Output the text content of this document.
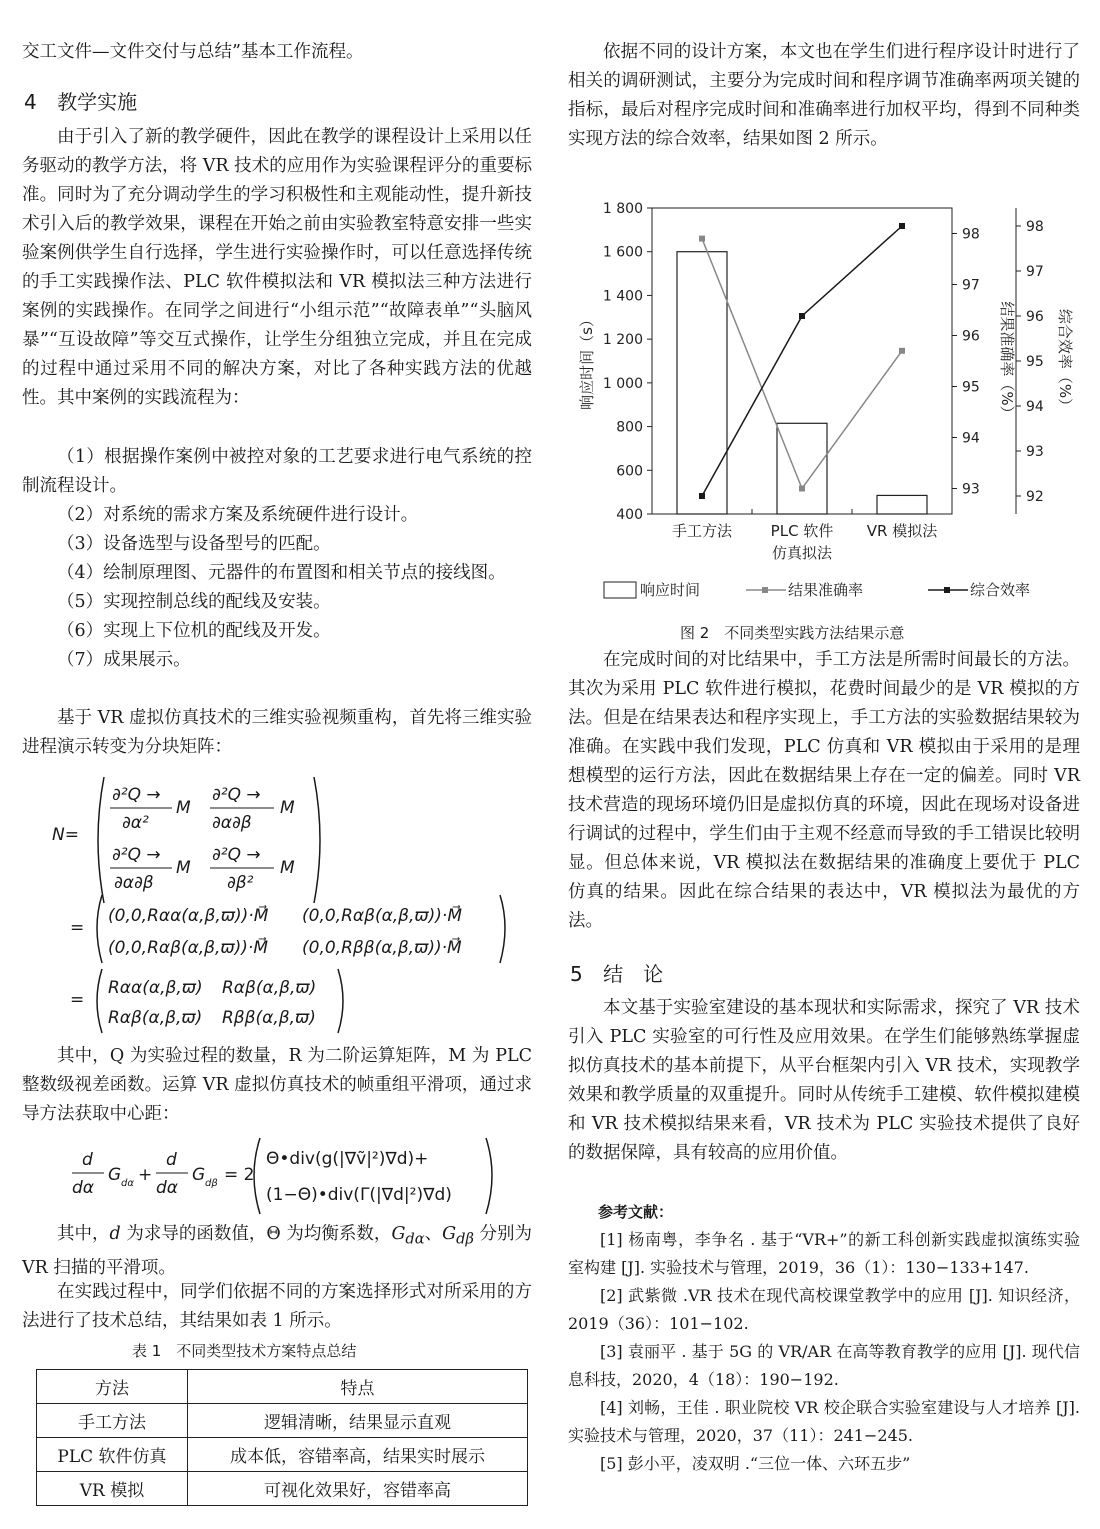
交工文件—文件交付与总结”基本工作流程。

4 教学实施

由于引入了新的教学硬件，因此在教学的课程设计上采用以任务驱动的教学方法，将 VR 技术的应用作为实验课程评分的重要标准。同时为了充分调动学生的学习积极性和主观能动性，提升新技术引入后的教学效果，课程在开始之前由实验教室特意安排一些实验案例供学生自行选择，学生进行实验操作时，可以任意选择传统的手工实践操作法、PLC 软件模拟法和 VR 模拟法三种方法进行案例的实践操作。在同学之间进行“小组示范”“故障表单”“头脑风暴”“互设故障”等交互式操作，让学生分组独立完成，并且在完成的过程中通过采用不同的解决方案，对比了各种实践方法的优越性。其中案例的实践流程为：

（1）根据操作案例中被控对象的工艺要求进行电气系统的控制流程设计。

（2）对系统的需求方案及系统硬件进行设计。

（3）设备选型与设备型号的匹配。

（4）绘制原理图、元器件的布置图和相关节点的接线图。

（5）实现控制总线的配线及安装。

（6）实现上下位机的配线及开发。

（7）成果展示。

基于 VR 虚拟仿真技术的三维实验视频重构，首先将三维实验进程演示转变为分块矩阵：

N=
∂²Q →
∂α²
M
∂²Q →
∂α∂β
M
∂²Q →
∂α∂β
M
∂²Q →
∂β²
M
=
(0,0,Rαα(α,β,ϖ))·M⃗ (0,0,Rαβ(α,β,ϖ))·M⃗
(0,0,Rαβ(α,β,ϖ))·M⃗ (0,0,Rββ(α,β,ϖ))·M⃗
=
Rαα(α,β,ϖ) Rαβ(α,β,ϖ)
Rαβ(α,β,ϖ) Rββ(α,β,ϖ)

其中，Q 为实验过程的数量，R 为二阶运算矩阵，M 为 PLC 整数级视差函数。运算 VR 虚拟仿真技术的帧重组平滑项，通过求导方法获取中心距：

d
dα
G dα +
d
dα
G dβ = 2
Θ•div(g(|∇ṽ|²)∇d)+
(1−Θ)•div(Γ(|∇d|²)∇d)

其中，d 为求导的函数值，Θ 为均衡系数，$G_{d\alpha}$、$G_{d\beta}$ 分别为 VR 扫描的平滑项。

在实践过程中，同学们依据不同的方案选择形式对所采用的方法进行了技术总结，其结果如表 1 所示。

表 1　不同类型技术方案特点总结
方法	特点
手工方法	逻辑清晰，结果显示直观
PLC 软件仿真	成本低，容错率高，结果实时展示
VR 模拟	可视化效果好，容错率高

依据不同的设计方案，本文也在学生们进行程序设计时进行了相关的调研测试，主要分为完成时间和程序调节准确率两项关键的指标，最后对程序完成时间和准确率进行加权平均，得到不同种类实现方法的综合效率，结果如图 2 所示。

400
600
800
1 000
1 200
1 400
1 600
1 800
93
94
95
96
97
98
92
93
94
95
96
97
98
手工方法	PLC 软件
仿真拟法
VR 模拟法
响应时间（s）	结果准确率（%）	综合效率（%）
响应时间	结果准确率	综合效率
图 2　不同类型实践方法结果示意

在完成时间的对比结果中，手工方法是所需时间最长的方法。其次为采用 PLC 软件进行模拟，花费时间最少的是 VR 模拟的方法。但是在结果表达和程序实现上，手工方法的实验数据结果较为准确。在实践中我们发现，PLC 仿真和 VR 模拟由于采用的是理想模型的运行方法，因此在数据结果上存在一定的偏差。同时 VR 技术营造的现场环境仍旧是虚拟仿真的环境，因此在现场对设备进行调试的过程中，学生们由于主观不经意而导致的手工错误比较明显。但总体来说，VR 模拟法在数据结果的准确度上要优于 PLC 仿真的结果。因此在综合结果的表达中，VR 模拟法为最优的方法。

5 结　论

本文基于实验室建设的基本现状和实际需求，探究了 VR 技术引入 PLC 实验室的可行性及应用效果。在学生们能够熟练掌握虚拟仿真技术的基本前提下，从平台框架内引入 VR 技术，实现教学效果和教学质量的双重提升。同时从传统手工建模、软件模拟建模和 VR 技术模拟结果来看，VR 技术为 PLC 实验技术提供了良好的数据保障，具有较高的应用价值。

参考文献：

[1] 杨南粤，李争名 . 基于“VR+”的新工科创新实践虚拟演练实验室构建 [J]. 实验技术与管理，2019，36（1）：130−133+147.

[2] 武紫微 .VR 技术在现代高校课堂教学中的应用 [J]. 知识经济，2019（36）：101−102.

[3] 袁丽平 . 基于 5G 的 VR/AR 在高等教育教学的应用 [J]. 现代信息科技，2020，4（18）：190−192.

[4] 刘畅，王佳 . 职业院校 VR 校企联合实验室建设与人才培养 [J]. 实验技术与管理，2020，37（11）：241−245.

[5] 彭小平，凌双明 .“三位一体、六环五步”
